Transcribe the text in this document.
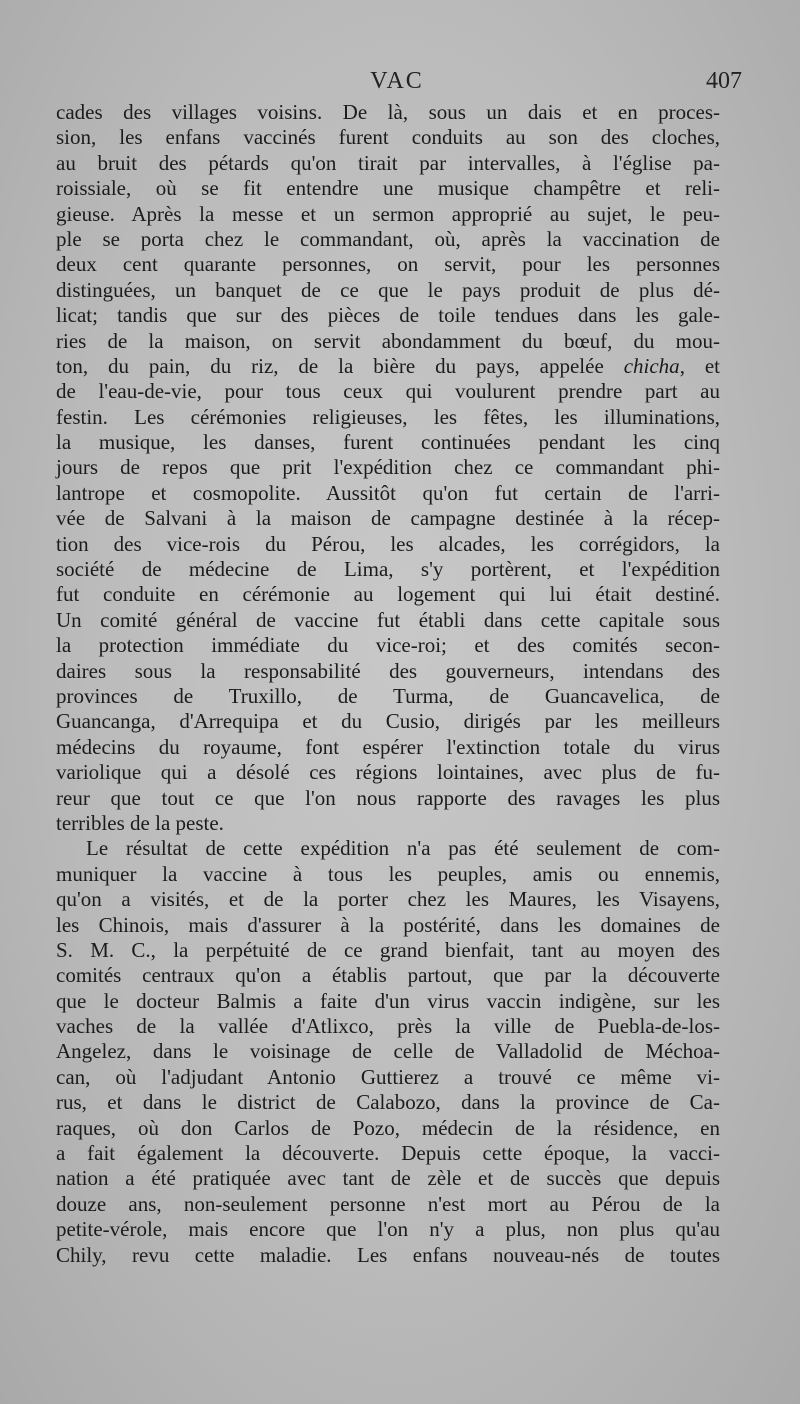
VAC	407
cades des villages voisins. De là, sous un dais et en proces-
sion, les enfans vaccinés furent conduits au son des cloches,
au bruit des pétards qu'on tirait par intervalles, à l'église pa-
roissiale, où se fit entendre une musique champêtre et reli-
gieuse. Après la messe et un sermon approprié au sujet, le peu-
ple se porta chez le commandant, où, après la vaccination de
deux cent quarante personnes, on servit, pour les personnes
distinguées, un banquet de ce que le pays produit de plus dé-
licat; tandis que sur des pièces de toile tendues dans les gale-
ries de la maison, on servit abondamment du bœuf, du mou-
ton, du pain, du riz, de la bière du pays, appelée chicha, et
de l'eau-de-vie, pour tous ceux qui voulurent prendre part au
festin. Les cérémonies religieuses, les fêtes, les illuminations,
la musique, les danses, furent continuées pendant les cinq
jours de repos que prit l'expédition chez ce commandant phi-
lantrope et cosmopolite. Aussitôt qu'on fut certain de l'arri-
vée de Salvani à la maison de campagne destinée à la récep-
tion des vice-rois du Pérou, les alcades, les corrégidors, la
société de médecine de Lima, s'y portèrent, et l'expédition
fut conduite en cérémonie au logement qui lui était destiné.
Un comité général de vaccine fut établi dans cette capitale sous
la protection immédiate du vice-roi; et des comités secon-
daires sous la responsabilité des gouverneurs, intendans des
provinces de Truxillo, de Turma, de Guancavelica, de
Guancanga, d'Arrequipa et du Cusio, dirigés par les meilleurs
médecins du royaume, font espérer l'extinction totale du virus
variolique qui a désolé ces régions lointaines, avec plus de fu-
reur que tout ce que l'on nous rapporte des ravages les plus
terribles de la peste.
Le résultat de cette expédition n'a pas été seulement de com-
muniquer la vaccine à tous les peuples, amis ou ennemis,
qu'on a visités, et de la porter chez les Maures, les Visayens,
les Chinois, mais d'assurer à la postérité, dans les domaines de
S. M. C., la perpétuité de ce grand bienfait, tant au moyen des
comités centraux qu'on a établis partout, que par la découverte
que le docteur Balmis a faite d'un virus vaccin indigène, sur les
vaches de la vallée d'Atlixco, près la ville de Puebla-de-los-
Angelez, dans le voisinage de celle de Valladolid de Méchoa-
can, où l'adjudant Antonio Guttierez a trouvé ce même vi-
rus, et dans le district de Calabozo, dans la province de Ca-
raques, où don Carlos de Pozo, médecin de la résidence, en
a fait également la découverte. Depuis cette époque, la vacci-
nation a été pratiquée avec tant de zèle et de succès que depuis
douze ans, non-seulement personne n'est mort au Pérou de la
petite-vérole, mais encore que l'on n'y a plus, non plus qu'au
Chily, revu cette maladie. Les enfans nouveau-nés de toutes
